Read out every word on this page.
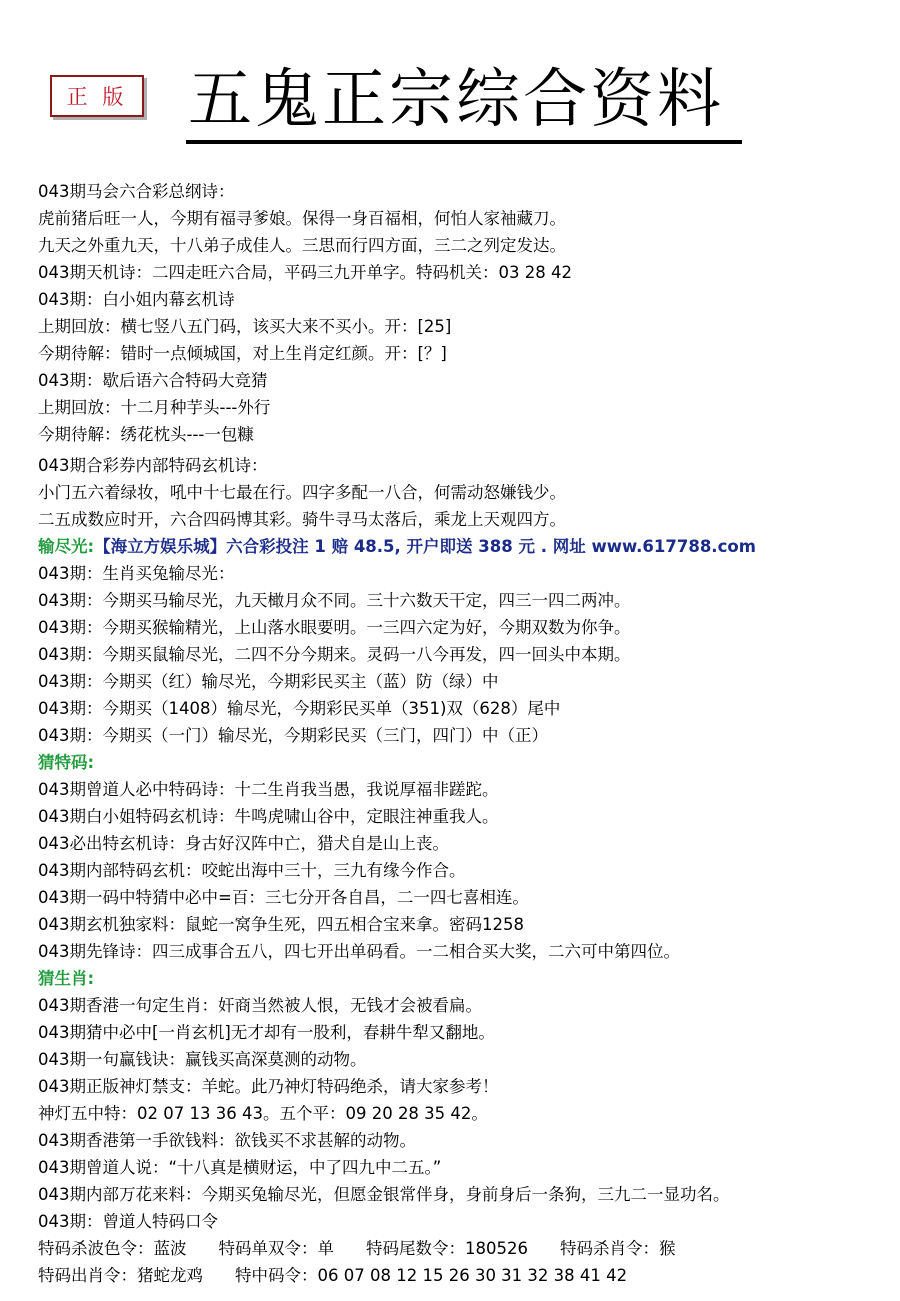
正 版 五鬼正宗综合资料
043期马会六合彩总纲诗：
虎前猪后旺一人，今期有福寻爹娘。保得一身百福相，何怕人家袖藏刀。
九天之外重九天，十八弟子成佳人。三思而行四方面，三二之列定发达。
043期天机诗：二四走旺六合局，平码三九开单字。特码机关：03 28 42
043期：白小姐内幕玄机诗
上期回放：横七竖八五门码，该买大来不买小。开：[25]
今期待解：错时一点倾城国，对上生肖定红颜。开：[？]
043期：歇后语六合特码大竞猜
上期回放：十二月种芋头---外行
今期待解：绣花枕头---一包糠
043期合彩券内部特码玄机诗：
小门五六着绿妆，吼中十七最在行。四字多配一八合，何需动怒嫌钱少。
二五成数应时开，六合四码博其彩。骑牛寻马太落后，乘龙上天观四方。
输尽光:【海立方娱乐城】六合彩投注 1 赔 48.5, 开户即送 388 元 . 网址 www.617788.com
043期：生肖买兔输尽光：
043期：今期买马输尽光，九天橄月众不同。三十六数天干定，四三一四二两冲。
043期：今期买猴输精光，上山落水眼要明。一三四六定为好，今期双数为你争。
043期：今期买鼠输尽光，二四不分今期来。灵码一八今再发，四一回头中本期。
043期：今期买（红）输尽光，今期彩民买主（蓝）防（绿）中
043期：今期买（1408）输尽光，今期彩民买单（351)双（628）尾中
043期：今期买（一门）输尽光，今期彩民买（三门，四门）中（正）
猜特码:
043期曾道人必中特码诗：十二生肖我当愚，我说厚福非蹉跎。
043期白小姐特码玄机诗：牛鸣虎啸山谷中，定眼注神重我人。
043必出特玄机诗：身古好汉阵中亡，猎犬自是山上丧。
043期内部特码玄机：咬蛇出海中三十，三九有缘今作合。
043期一码中特猜中必中=百：三七分开各自昌，二一四七喜相连。
043期玄机独家料：鼠蛇一窝争生死，四五相合宝来拿。密码1258
043期先锋诗：四三成事合五八，四七开出单码看。一二相合买大奖，二六可中第四位。
猜生肖:
043期香港一句定生肖：奸商当然被人恨，无钱才会被看扁。
043期猜中必中[一肖玄机]无才却有一股利，春耕牛犁又翻地。
043期一句赢钱诀：赢钱买高深莫测的动物。
043期正版神灯禁支：羊蛇。此乃神灯特码绝杀，请大家参考！
神灯五中特：02 07 13 36 43。五个平：09 20 28 35 42。
043期香港第一手欲钱料：欲钱买不求甚解的动物。
043期曾道人说：“十八真是横财运，中了四九中二五。”
043期内部万花来料：今期买兔输尽光，但愿金银常伴身，身前身后一条狗，三九二一显功名。
043期：曾道人特码口令
特码杀波色令：蓝波 特码单双令：单 特码尾数令：180526 特码杀肖令：猴
特码出肖令：猪蛇龙鸡 特中码令：06 07 08 12 15 26 30 31 32 38 41 42
